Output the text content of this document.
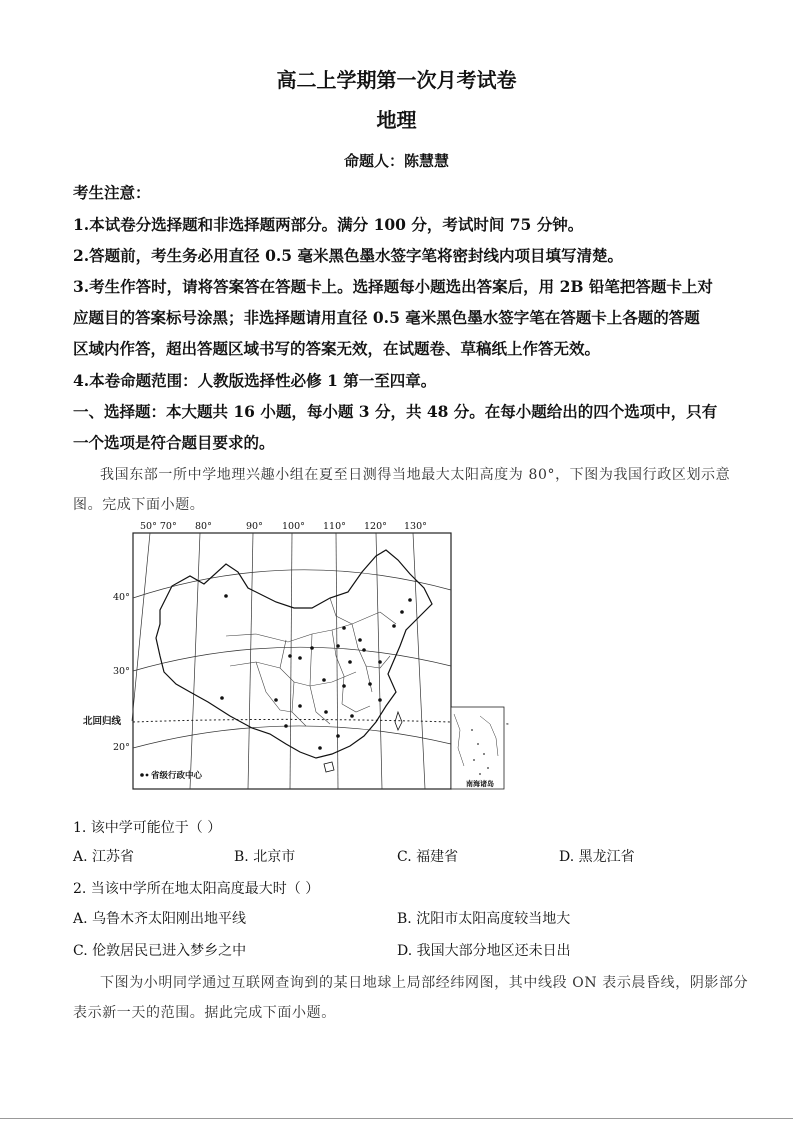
高二上学期第一次月考试卷
地理
命题人：陈慧慧
考生注意：
1.本试卷分选择题和非选择题两部分。满分 100 分，考试时间 75 分钟。
2.答题前，考生务必用直径 0.5 毫米黑色墨水签字笔将密封线内项目填写清楚。
3.考生作答时，请将答案答在答题卡上。选择题每小题选出答案后，用 2B 铅笔把答题卡上对
应题目的答案标号涂黑；非选择题请用直径 0.5 毫米黑色墨水签字笔在答题卡上各题的答题
区域内作答，超出答题区域书写的答案无效，在试题卷、草稿纸上作答无效。
4.本卷命题范围：人教版选择性必修 1 第一至四章。
一、选择题：本大题共 16 小题，每小题 3 分，共 48 分。在每小题给出的四个选项中，只有
一个选项是符合题目要求的。
我国东部一所中学地理兴趣小组在夏至日测得当地最大太阳高度为 80°，下图为我国行政区划示意
图。完成下面小题。
50° 70° 80°	90° 100° 110° 120° 130°
40°
30°
20°
北回归线
省级行政中心
南海诸岛
1. 该中学可能位于（ ）
A. 江苏省	B. 北京市	C. 福建省	D. 黑龙江省
2. 当该中学所在地太阳高度最大时（ ）
A. 乌鲁木齐太阳刚出地平线	B. 沈阳市太阳高度较当地大
C. 伦敦居民已进入梦乡之中	D. 我国大部分地区还未日出
下图为小明同学通过互联网查询到的某日地球上局部经纬网图，其中线段 ON 表示晨昏线，阴影部分
表示新一天的范围。据此完成下面小题。
